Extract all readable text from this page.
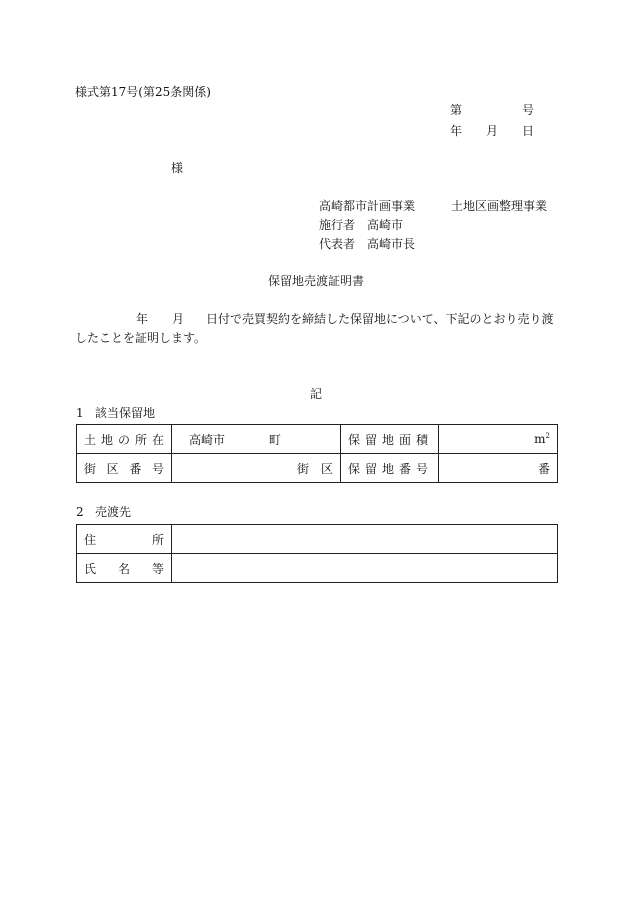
様式第17号(第25条関係)
第	号
年 月 日
様
高崎都市計画事業	土地区画整理事業
施行者 高崎市
代表者 高崎市長
保留地売渡証明書
年 月 日付で売買契約を締結した保留地について、下記のとおり売り渡
したことを証明します。
記
1 該当保留地
土 地 の 所 在	高崎市 町	保 留 地 面 積	$m^2$

街 区 番 号	街　区	保 留 地 番 号	番
2 売渡先
住 所	

氏 名 等	
